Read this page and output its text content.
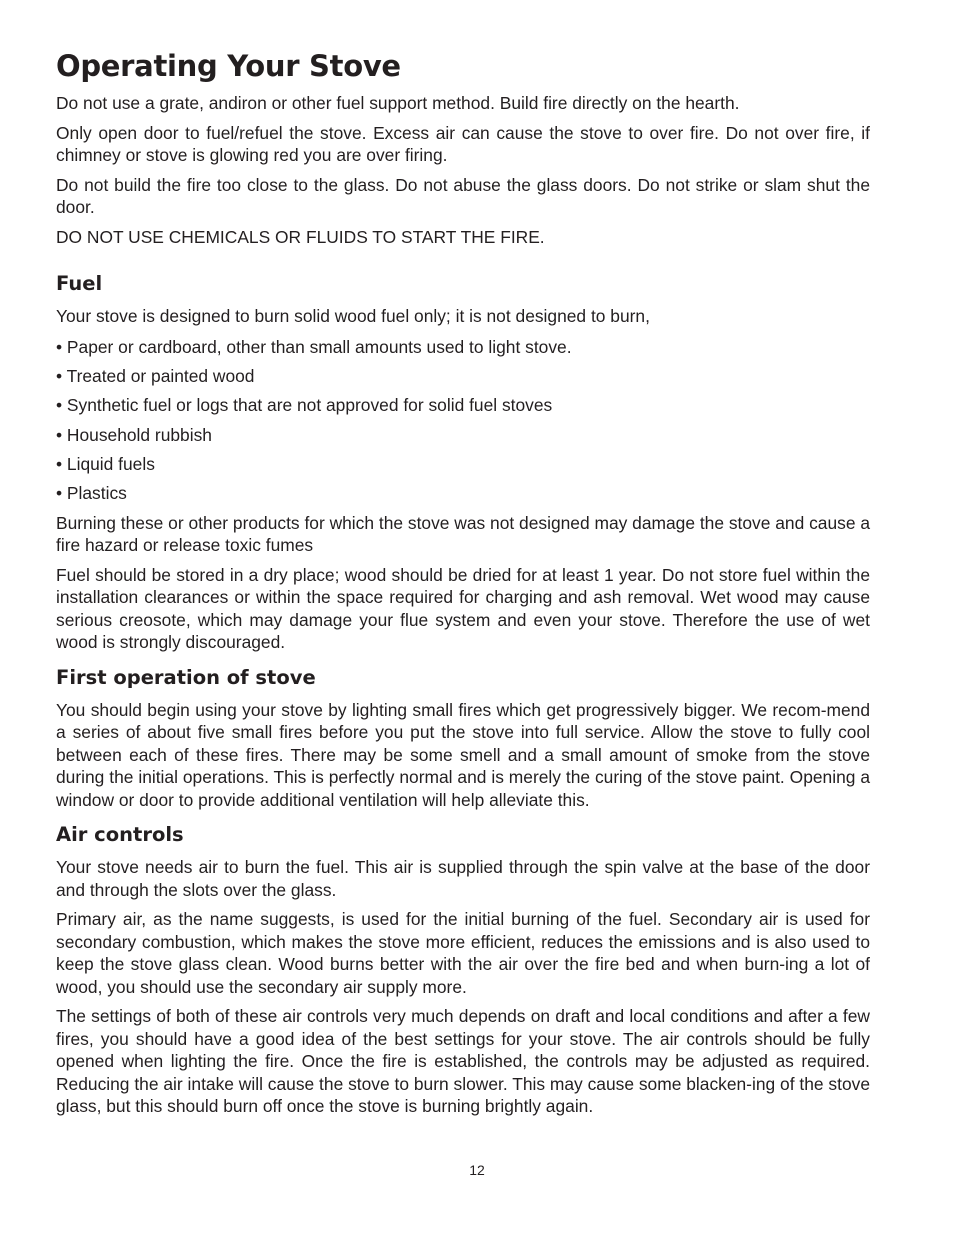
Operating Your Stove

Do not use a grate, andiron or other fuel support method. Build fire directly on the hearth.

Only open door to fuel/refuel the stove. Excess air can cause the stove to over fire. Do not over fire, if chimney or stove is glowing red you are over firing.

Do not build the fire too close to the glass. Do not abuse the glass doors. Do not strike or slam shut the door.

DO NOT USE CHEMICALS OR FLUIDS TO START THE FIRE.

Fuel

Your stove is designed to burn solid wood fuel only; it is not designed to burn,

• Paper or cardboard, other than small amounts used to light stove.

• Treated or painted wood

• Synthetic fuel or logs that are not approved for solid fuel stoves

• Household rubbish

• Liquid fuels

• Plastics

Burning these or other products for which the stove was not designed may damage the stove and cause a fire hazard or release toxic fumes

Fuel should be stored in a dry place; wood should be dried for at least 1 year. Do not store fuel within the installation clearances or within the space required for charging and ash removal. Wet wood may cause serious creosote, which may damage your flue system and even your stove. Therefore the use of wet wood is strongly discouraged.

First operation of stove

You should begin using your stove by lighting small fires which get progressively bigger. We recom-mend a series of about five small fires before you put the stove into full service. Allow the stove to fully cool between each of these fires. There may be some smell and a small amount of smoke from the stove during the initial operations. This is perfectly normal and is merely the curing of the stove paint. Opening a window or door to provide additional ventilation will help alleviate this.

Air controls

Your stove needs air to burn the fuel. This air is supplied through the spin valve at the base of the door and through the slots over the glass.

Primary air, as the name suggests, is used for the initial burning of the fuel. Secondary air is used for secondary combustion, which makes the stove more efficient, reduces the emissions and is also used to keep the stove glass clean. Wood burns better with the air over the fire bed and when burn-ing a lot of wood, you should use the secondary air supply more.

The settings of both of these air controls very much depends on draft and local conditions and after a few fires, you should have a good idea of the best settings for your stove. The air controls should be fully opened when lighting the fire. Once the fire is established, the controls may be adjusted as required. Reducing the air intake will cause the stove to burn slower. This may cause some blacken-ing of the stove glass, but this should burn off once the stove is burning brightly again.

12
